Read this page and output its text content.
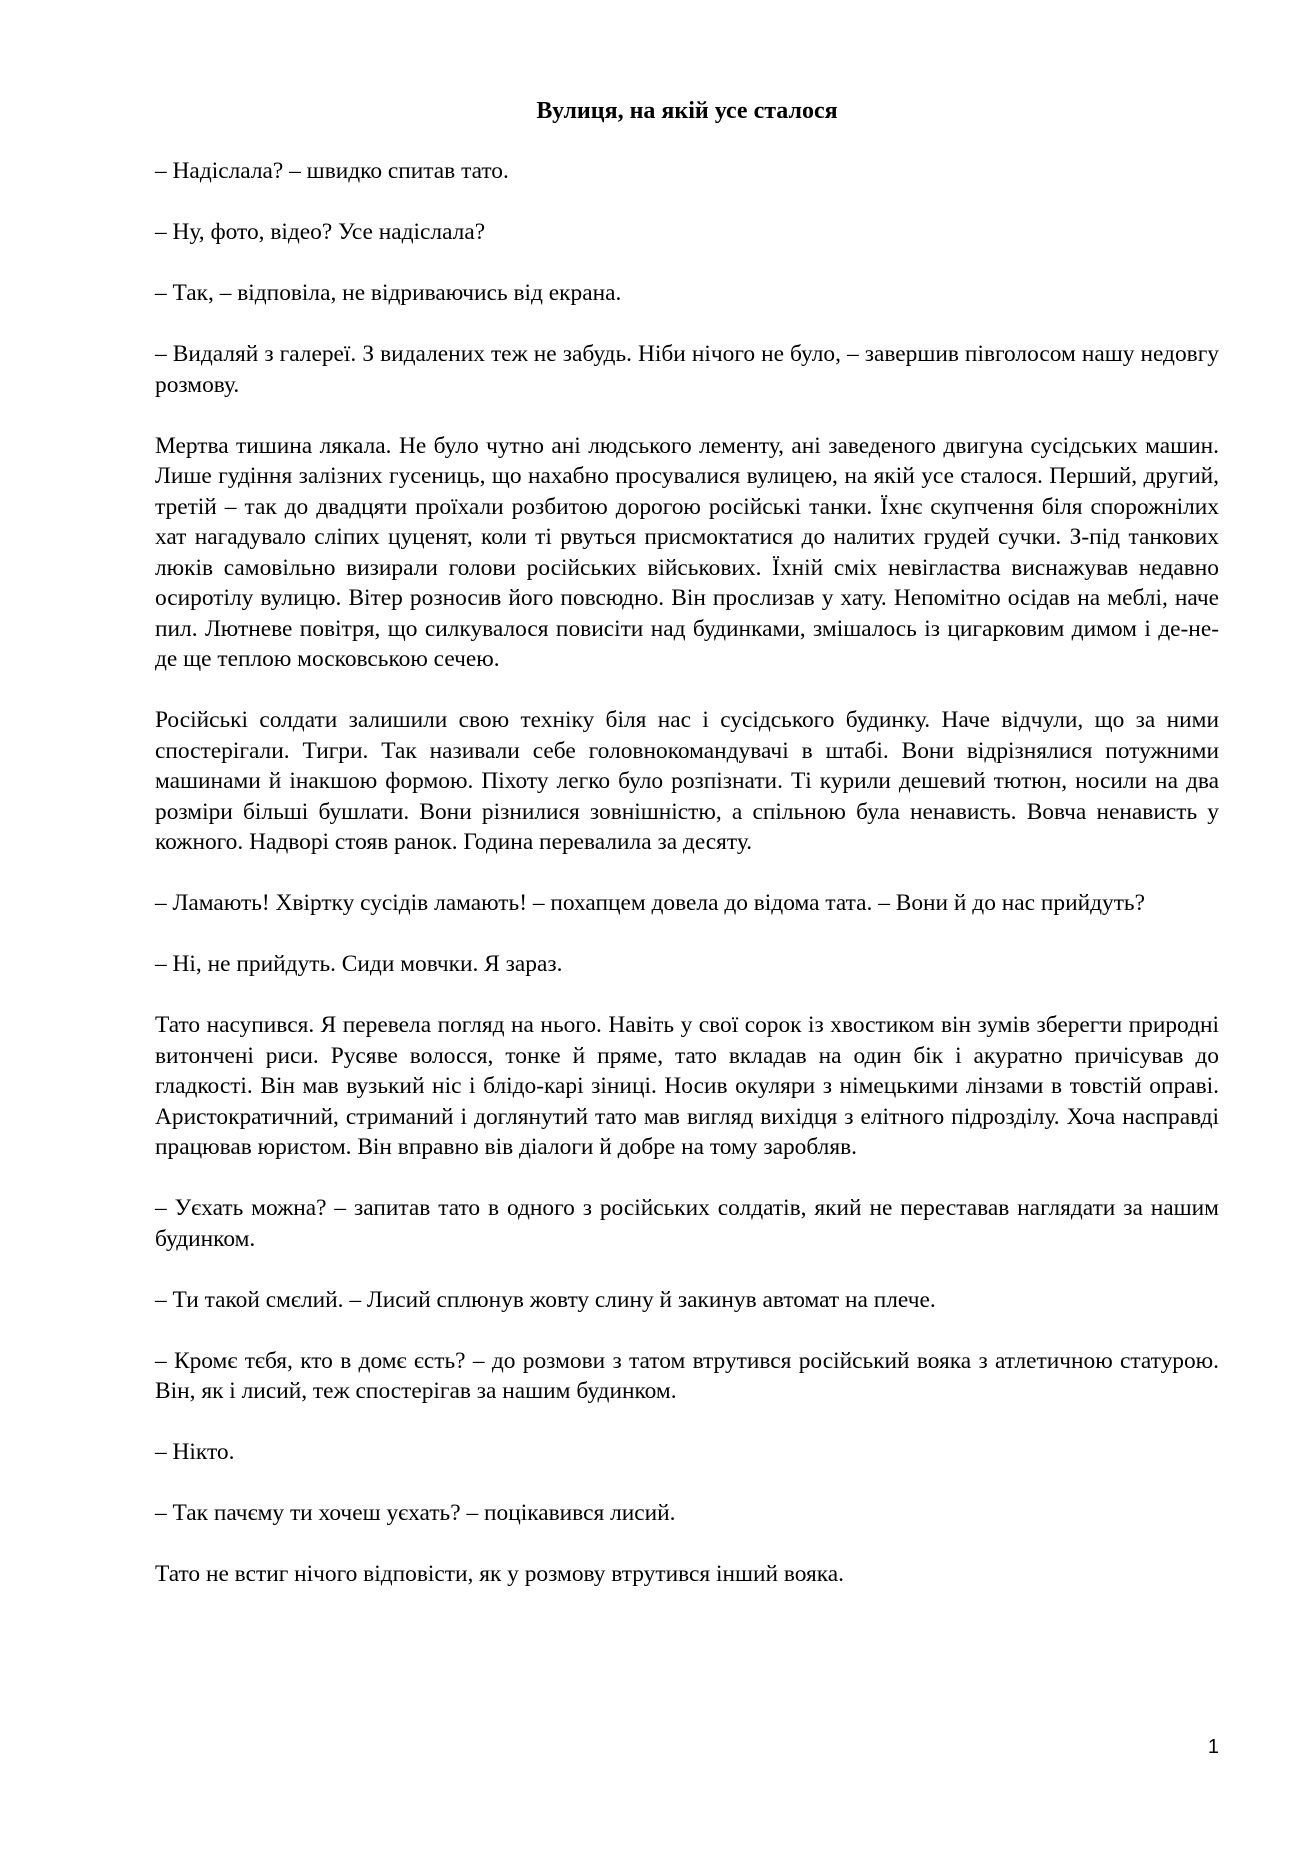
Вулиця, на якій усе сталося

– Надіслала? – швидко спитав тато.

– Ну, фото, відео? Усе надіслала?

– Так, – відповіла, не відриваючись від екрана.

– Видаляй з галереї. З видалених теж не забудь. Ніби нічого не було, – завершив півголосом нашу недовгу розмову.

Мертва тишина лякала. Не було чутно ані людського лементу, ані заведеного двигуна сусідських машин. Лише гудіння залізних гусениць, що нахабно просувалися вулицею, на якій усе сталося. Перший, другий, третій – так до двадцяти проїхали розбитою дорогою російські танки. Їхнє скупчення біля спорожнілих хат нагадувало сліпих цуценят, коли ті рвуться присмоктатися до налитих грудей сучки. З-під танкових люків самовільно визирали голови російських військових. Їхній сміх невігластва виснажував недавно осиротілу вулицю. Вітер розносив його повсюдно. Він прослизав у хату. Непомітно осідав на меблі, наче пил. Лютневе повітря, що силкувалося повисіти над будинками, змішалось із цигарковим димом і де-не-де ще теплою московською сечею.

Російські солдати залишили свою техніку біля нас і сусідського будинку. Наче відчули, що за ними спостерігали. Тигри. Так називали себе головнокомандувачі в штабі. Вони відрізнялися потужними машинами й інакшою формою. Піхоту легко було розпізнати. Ті курили дешевий тютюн, носили на два розміри більші бушлати. Вони різнилися зовнішністю, а спільною була ненависть. Вовча ненависть у кожного. Надворі стояв ранок. Година перевалила за десяту.

– Ламають! Хвіртку сусідів ламають! – похапцем довела до відома тата. – Вони й до нас прийдуть?

– Ні, не прийдуть. Сиди мовчки. Я зараз.

Тато насупився. Я перевела погляд на нього. Навіть у свої сорок із хвостиком він зумів зберегти природні витончені риси. Русяве волосся, тонке й пряме, тато вкладав на один бік і акуратно причісував до гладкості. Він мав вузький ніс і блідо-карі зіниці. Носив окуляри з німецькими лінзами в товстій оправі. Аристократичний, стриманий і доглянутий тато мав вигляд вихідця з елітного підрозділу. Хоча насправді працював юристом. Він вправно вів діалоги й добре на тому заробляв.

– Уєхать можна? – запитав тато в одного з російських солдатів, який не переставав наглядати за нашим будинком.

– Ти такой смєлий. – Лисий сплюнув жовту слину й закинув автомат на плече.

– Кромє тєбя, кто в домє єсть? – до розмови з татом втрутився російський вояка з атлетичною статурою. Він, як і лисий, теж спостерігав за нашим будинком.

– Нікто.

– Так пачєму ти хочеш уєхать? – поцікавився лисий.

Тато не встиг нічого відповісти, як у розмову втрутився інший вояка.

1
